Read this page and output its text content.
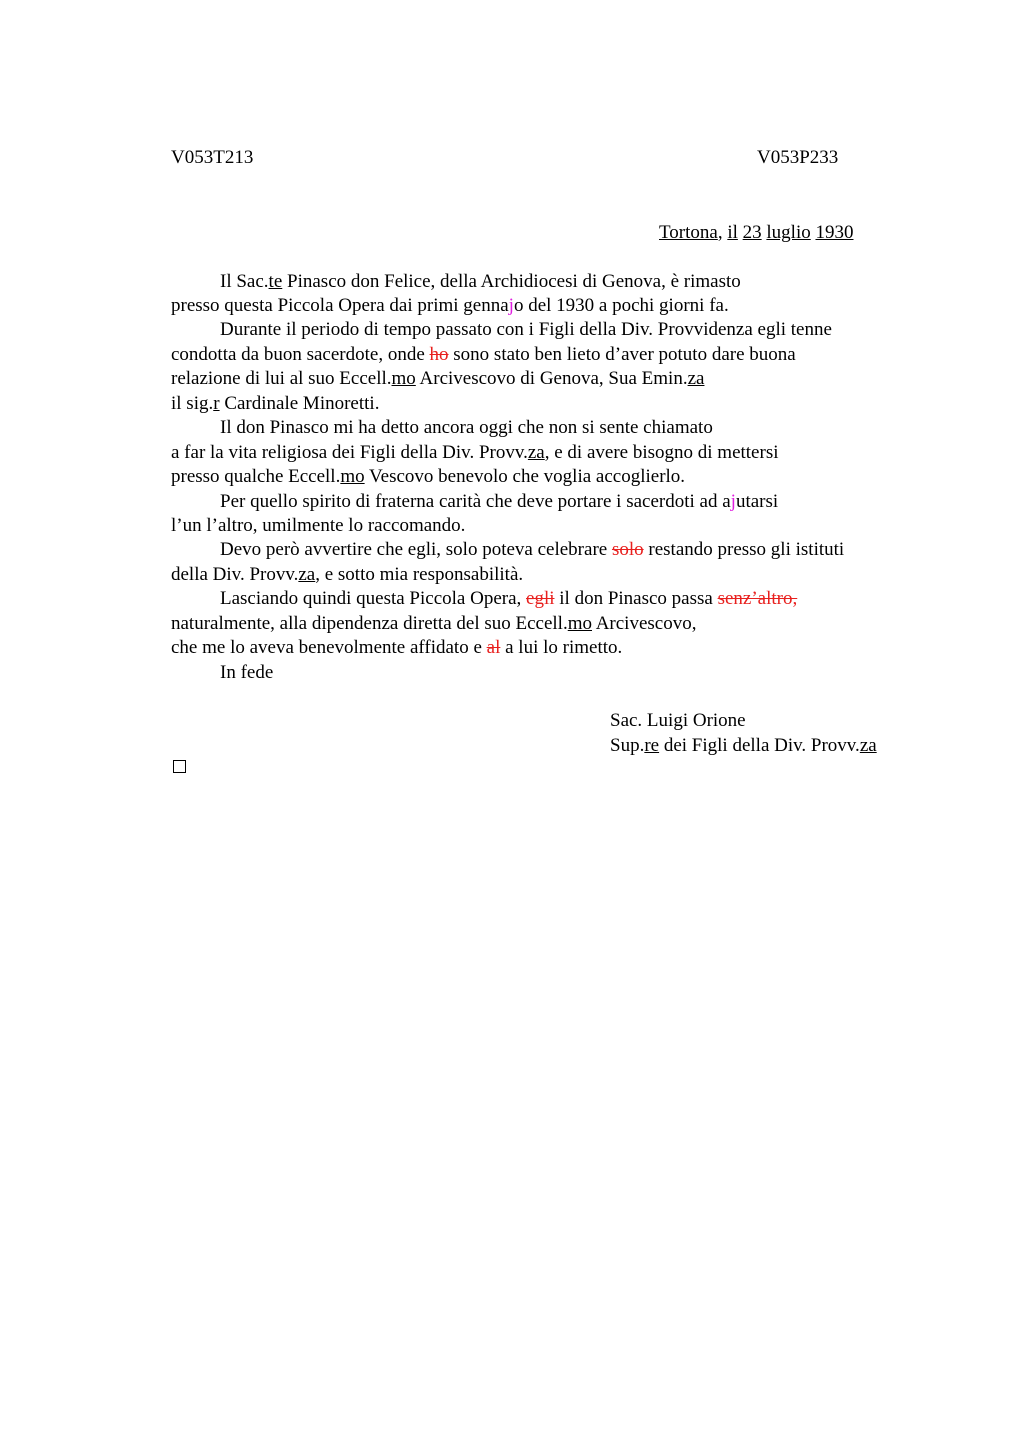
V053T213	V053P233
Tortona, il 23 luglio 1930
Il Sac.te Pinasco don Felice, della Archidiocesi di Genova, è rimasto
presso questa Piccola Opera dai primi gennajo del 1930 a pochi giorni fa.
Durante il periodo di tempo passato con i Figli della Div. Provvidenza egli tenne
condotta da buon sacerdote, onde ho sono stato ben lieto d’aver potuto dare buona
relazione di lui al suo Eccell.mo Arcivescovo di Genova, Sua Emin.za
il sig.r Cardinale Minoretti.
Il don Pinasco mi ha detto ancora oggi che non si sente chiamato
a far la vita religiosa dei Figli della Div. Provv.za, e di avere bisogno di mettersi
presso qualche Eccell.mo Vescovo benevolo che voglia accoglierlo.
Per quello spirito di fraterna carità che deve portare i sacerdoti ad ajutarsi
l’un l’altro, umilmente lo raccomando.
Devo però avvertire che egli, solo poteva celebrare solo restando presso gli istituti
della Div. Provv.za, e sotto mia responsabilità.
Lasciando quindi questa Piccola Opera, egli il don Pinasco passa senz’altro,
naturalmente, alla dipendenza diretta del suo Eccell.mo Arcivescovo,
che me lo aveva benevolmente affidato e al a lui lo rimetto.
In fede
Sac. Luigi Orione
Sup.re dei Figli della Div. Provv.za
